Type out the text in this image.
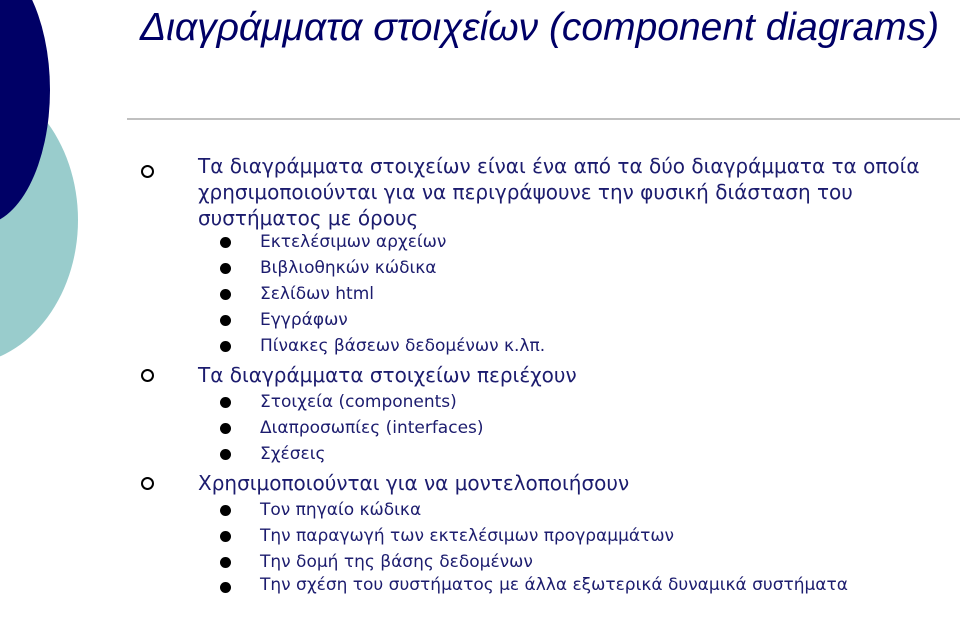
Διαγράμματα στοιχείων (component diagrams)

Τα διαγράμματα στοιχείων είναι ένα από τα δύο διαγράμματα τα οποία χρησιμοποιούνται για να περιγράψουνε την φυσική διάσταση του συστήματος με όρους

Εκτελέσιμων αρχείων

Βιβλιοθηκών κώδικα

Σελίδων html

Εγγράφων

Πίνακες βάσεων δεδομένων κ.λπ.

Τα διαγράμματα στοιχείων περιέχουν

Στοιχεία (components)

Διαπροσωπίες (interfaces)

Σχέσεις

Χρησιμοποιούνται για να μοντελοποιήσουν

Τον πηγαίο κώδικα

Την παραγωγή των εκτελέσιμων προγραμμάτων

Την δομή της βάσης δεδομένων

Την σχέση του συστήματος με άλλα εξωτερικά δυναμικά συστήματα
